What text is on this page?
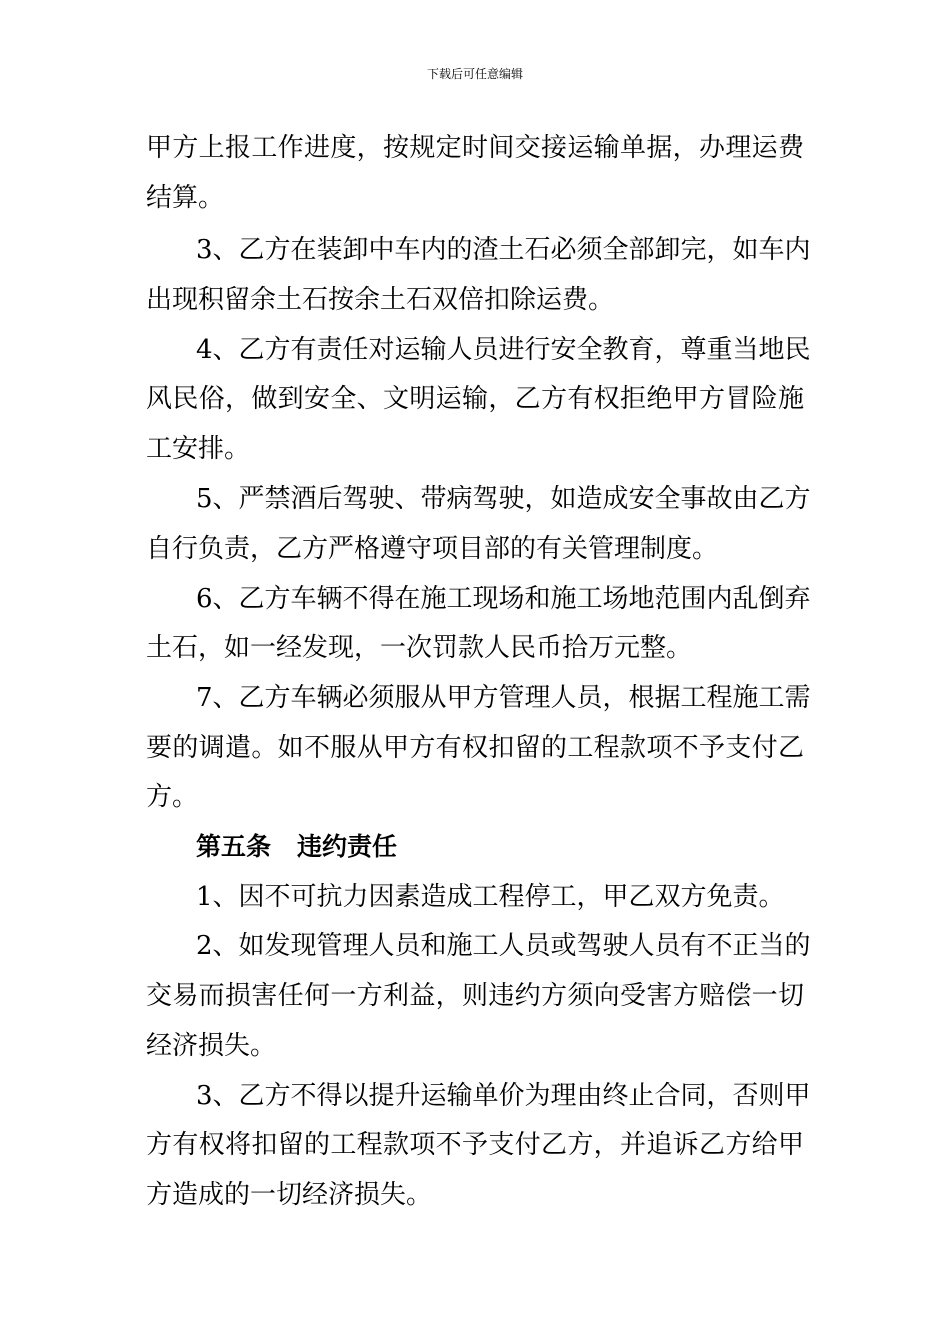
下载后可任意编辑
甲方上报工作进度，按规定时间交接运输单据，办理运费
结算。
3、乙方在装卸中车内的渣土石必须全部卸完，如车内
出现积留余土石按余土石双倍扣除运费。
4、乙方有责任对运输人员进行安全教育，尊重当地民
风民俗，做到安全、文明运输，乙方有权拒绝甲方冒险施
工安排。
5、严禁酒后驾驶、带病驾驶，如造成安全事故由乙方
自行负责，乙方严格遵守项目部的有关管理制度。
6、乙方车辆不得在施工现场和施工场地范围内乱倒弃
土石，如一经发现，一次罚款人民币拾万元整。
7、乙方车辆必须服从甲方管理人员，根据工程施工需
要的调遣。如不服从甲方有权扣留的工程款项不予支付乙
方。
第五条 违约责任
1、因不可抗力因素造成工程停工，甲乙双方免责。
2、如发现管理人员和施工人员或驾驶人员有不正当的
交易而损害任何一方利益，则违约方须向受害方赔偿一切
经济损失。
3、乙方不得以提升运输单价为理由终止合同，否则甲
方有权将扣留的工程款项不予支付乙方，并追诉乙方给甲
方造成的一切经济损失。
